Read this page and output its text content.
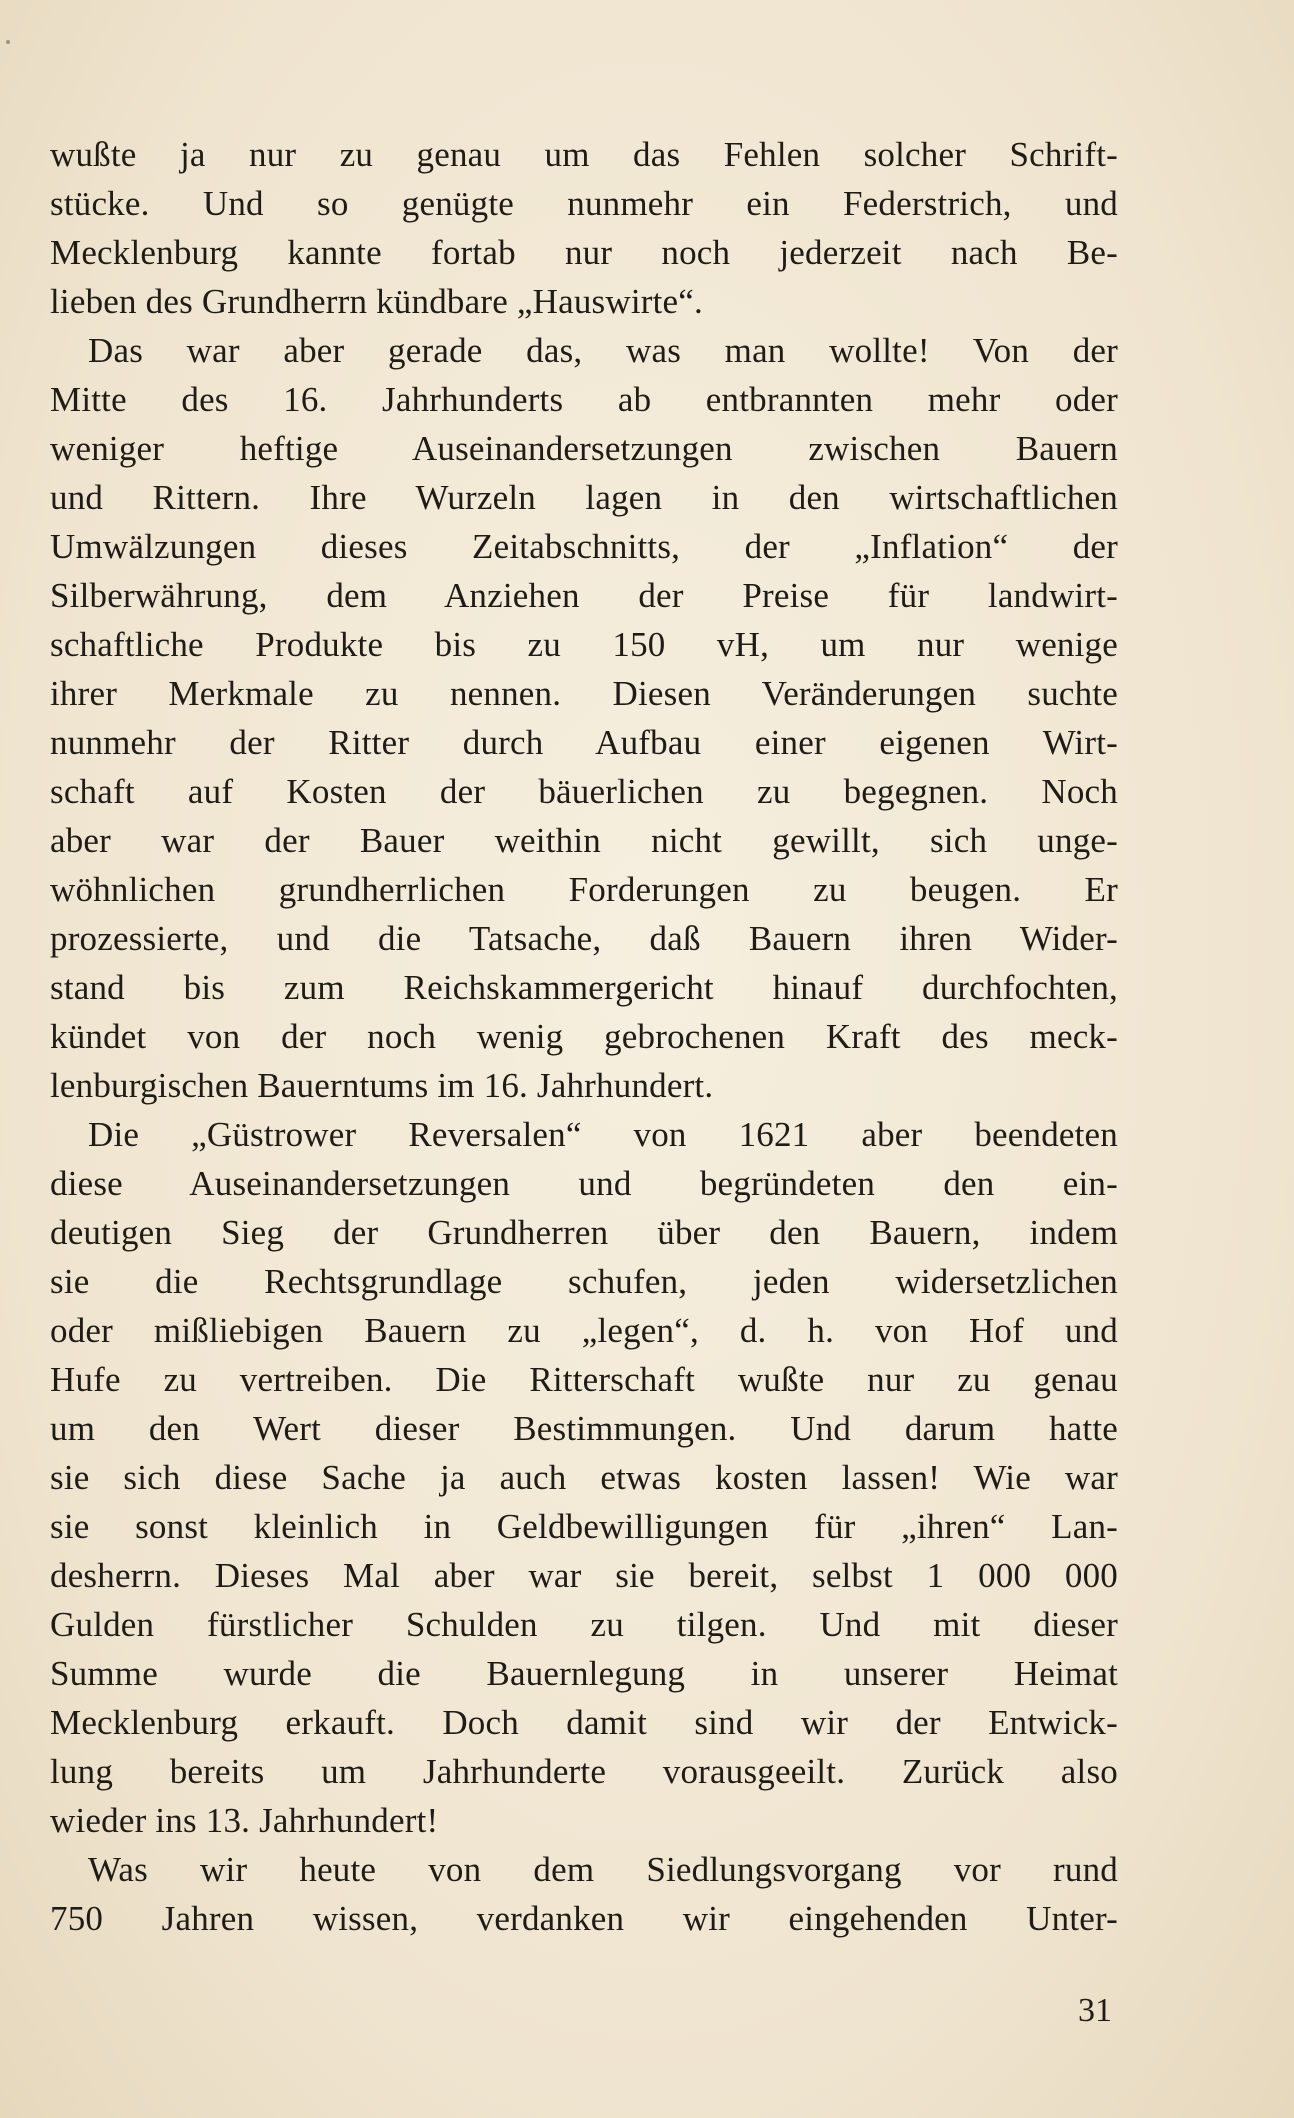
wußte ja nur zu genau um das Fehlen solcher Schrift-
stücke. Und so genügte nunmehr ein Federstrich, und
Mecklenburg kannte fortab nur noch jederzeit nach Be-
lieben des Grundherrn kündbare „Hauswirte“.
Das war aber gerade das, was man wollte! Von der
Mitte des 16. Jahrhunderts ab entbrannten mehr oder
weniger heftige Auseinandersetzungen zwischen Bauern
und Rittern. Ihre Wurzeln lagen in den wirtschaftlichen
Umwälzungen dieses Zeitabschnitts, der „Inflation“ der
Silberwährung, dem Anziehen der Preise für landwirt-
schaftliche Produkte bis zu 150 vH, um nur wenige
ihrer Merkmale zu nennen. Diesen Veränderungen suchte
nunmehr der Ritter durch Aufbau einer eigenen Wirt-
schaft auf Kosten der bäuerlichen zu begegnen. Noch
aber war der Bauer weithin nicht gewillt, sich unge-
wöhnlichen grundherrlichen Forderungen zu beugen. Er
prozessierte, und die Tatsache, daß Bauern ihren Wider-
stand bis zum Reichskammergericht hinauf durchfochten,
kündet von der noch wenig gebrochenen Kraft des meck-
lenburgischen Bauerntums im 16. Jahrhundert.
Die „Güstrower Reversalen“ von 1621 aber beendeten
diese Auseinandersetzungen und begründeten den ein-
deutigen Sieg der Grundherren über den Bauern, indem
sie die Rechtsgrundlage schufen, jeden widersetzlichen
oder mißliebigen Bauern zu „legen“, d. h. von Hof und
Hufe zu vertreiben. Die Ritterschaft wußte nur zu genau
um den Wert dieser Bestimmungen. Und darum hatte
sie sich diese Sache ja auch etwas kosten lassen! Wie war
sie sonst kleinlich in Geldbewilligungen für „ihren“ Lan-
desherrn. Dieses Mal aber war sie bereit, selbst 1 000 000
Gulden fürstlicher Schulden zu tilgen. Und mit dieser
Summe wurde die Bauernlegung in unserer Heimat
Mecklenburg erkauft. Doch damit sind wir der Entwick-
lung bereits um Jahrhunderte vorausgeeilt. Zurück also
wieder ins 13. Jahrhundert!
Was wir heute von dem Siedlungsvorgang vor rund
750 Jahren wissen, verdanken wir eingehenden Unter-
31
